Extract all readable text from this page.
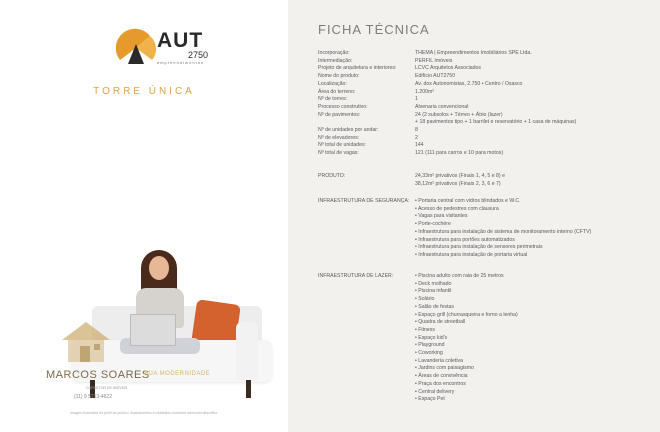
AUT
2750
empreendimentos
TORRE ÚNICA
MARCOS SOARES
SUA MODERNIDADE
CORRETOR DE IMÓVEIS
(11) 9 5713-4622
Imagem ilustrativa do perfil do público. Acabamentos e mobiliário conforme memorial descritivo.
FICHA TÉCNICA
Incorporação:	THEMA | Empreendimentos Imobiliários SPE Ltda.
Intermediação:	PERFIL Imóveis
Projeto de arquitetura e interiores:	LCVC Arquitetos Associados
Nome do produto:	Edifício AUT2750
Localização:	Av. dos Autonomistas, 2.750 • Centro / Osasco
Área do terreno:	1.200m²
Nº de torres:	1
Processo construtivo:	Alvenaria convencional
Nº de pavimentos:	24 (2 subsolos + Térreo + Átrio (lazer)
+ 18 pavimentos tipo + 1 barrilet e reservatório + 1 casa de máquinas)
Nº de unidades por andar:	8
Nº de elevadores:	2
Nº total de unidades:	144
Nº total de vagas:	121 (111 para carros e 10 para motos)
PRODUTO:	24,33m² privativos (Finais 1, 4, 5 e 8) e
38,12m² privativos (Finais 2, 3, 6 e 7)
INFRAESTRUTURA DE SEGURANÇA:	• Portaria central com vidros blindados e W.C.
• Acesso de pedestres com clausura
• Vagas para visitantes
• Porte-cochère
• Infraestrutura para instalação de sistema de monitoramento interno (CFTV)
• Infraestrutura para portões automatizados
• Infraestrutura para instalação de sensores perimetrais
• Infraestrutura para instalação de portaria virtual
INFRAESTRUTURA DE LAZER:	• Piscina adulto com raia de 25 metros
• Deck molhado
• Piscina infantil
• Solário
• Salão de festas
• Espaço grill (churrasqueira e forno a lenha)
• Quadra de streetball
• Fitness
• Espaço kid's
• Playground
• Coworking
• Lavanderia coletiva
• Jardins com paisagismo
• Áreas de convivência
• Praça dos encontros
• Central delivery
• Espaço Pet
